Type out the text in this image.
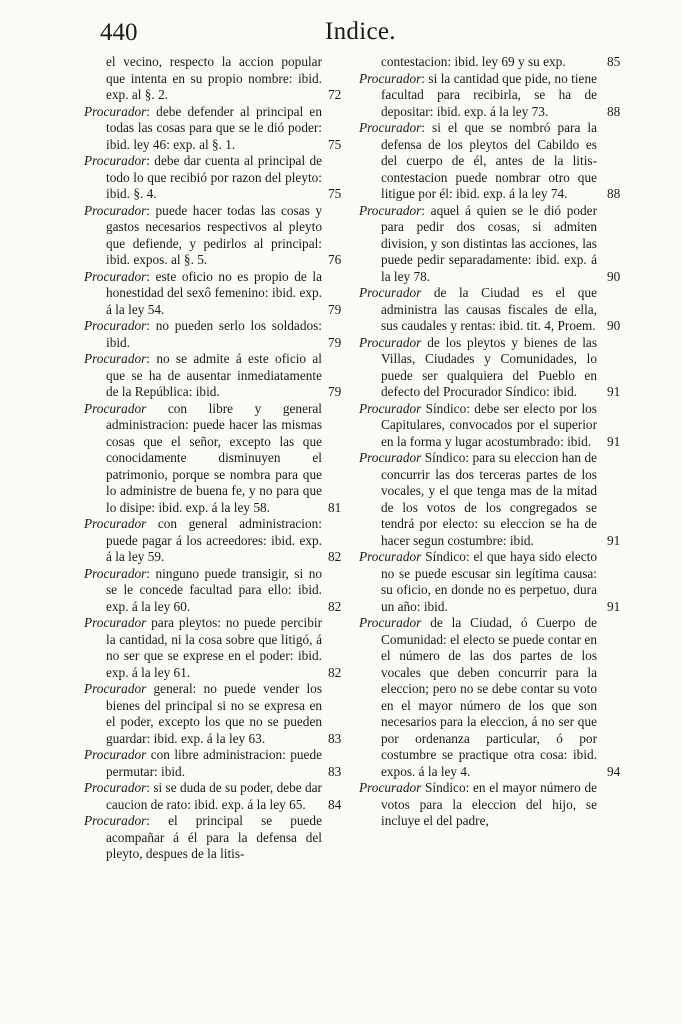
440	Indice.

el vecino, respecto la accion popular que intenta en su propio nombre: ibid. exp. al §. 2.	72

Procurador: debe defender al principal en todas las cosas para que se le dió poder: ibid. ley 46: exp. al §. 1.	75

Procurador: debe dar cuenta al principal de todo lo que recibió por razon del pleyto: ibid. §. 4.	75

Procurador: puede hacer todas las cosas y gastos necesarios respectivos al pleyto que defiende, y pedirlos al principal: ibid. expos. al §. 5.	76

Procurador: este oficio no es propio de la honestidad del sexô femenino: ibid. exp. á la ley 54.	79

Procurador: no pueden serlo los soldados: ibid.	79

Procurador: no se admite á este oficio al que se ha de ausentar inmediatamente de la República: ibid.	79

Procurador con libre y general administracion: puede hacer las mismas cosas que el señor, excepto las que conocidamente disminuyen el patrimonio, porque se nombra para que lo administre de buena fe, y no para que lo disipe: ibid. exp. á la ley 58.	81

Procurador con general administracion: puede pagar á los acreedores: ibid. exp. á la ley 59.	82

Procurador: ninguno puede transigir, si no se le concede facultad para ello: ibid. exp. á la ley 60.	82

Procurador para pleytos: no puede percibir la cantidad, ni la cosa sobre que litigó, á no ser que se exprese en el poder: ibid. exp. á la ley 61.	82

Procurador general: no puede vender los bienes del principal si no se expresa en el poder, excepto los que no se pueden guardar: ibid. exp. á la ley 63.	83

Procurador con libre administracion: puede permutar: ibid.	83

Procurador: si se duda de su poder, debe dar caucion de rato: ibid. exp. á la ley 65. 84

Procurador: el principal se puede acompañar á él para la defensa del pleyto, despues de la litis-

contestacion: ibid. ley 69 y su exp.	85

Procurador: si la cantidad que pide, no tiene facultad para recibirla, se ha de depositar: ibid. exp. á la ley 73.	88

Procurador: si el que se nombró para la defensa de los pleytos del Cabildo es del cuerpo de él, antes de la litis-contestacion puede nombrar otro que litigue por él: ibid. exp. á la ley 74.	88

Procurador: aquel á quien se le dió poder para pedir dos cosas, si admiten division, y son distintas las acciones, las puede pedir separadamente: ibid. exp. á la ley 78.	90

Procurador de la Ciudad es el que administra las causas fiscales de ella, sus caudales y rentas: ibid. tit. 4, Proem. 90

Procurador de los pleytos y bienes de las Villas, Ciudades y Comunidades, lo puede ser qualquiera del Pueblo en defecto del Procurador Síndico: ibid. 91

Procurador Síndico: debe ser electo por los Capitulares, convocados por el superior en la forma y lugar acostumbrado: ibid. 91

Procurador Síndico: para su eleccion han de concurrir las dos terceras partes de los vocales, y el que tenga mas de la mitad de los votos de los congregados se tendrá por electo: su eleccion se ha de hacer segun costumbre: ibid.	91

Procurador Síndico: el que haya sido electo no se puede escusar sin legítima causa: su oficio, en donde no es perpetuo, dura un año: ibid.	91

Procurador de la Ciudad, ó Cuerpo de Comunidad: el electo se puede contar en el número de las dos partes de los vocales que deben concurrir para la eleccion; pero no se debe contar su voto en el mayor número de los que son necesarios para la eleccion, á no ser que por ordenanza particular, ó por costumbre se practique otra cosa: ibid. expos. á la ley 4.	94

Procurador Síndico: en el mayor número de votos para la eleccion del hijo, se incluye el del padre,
